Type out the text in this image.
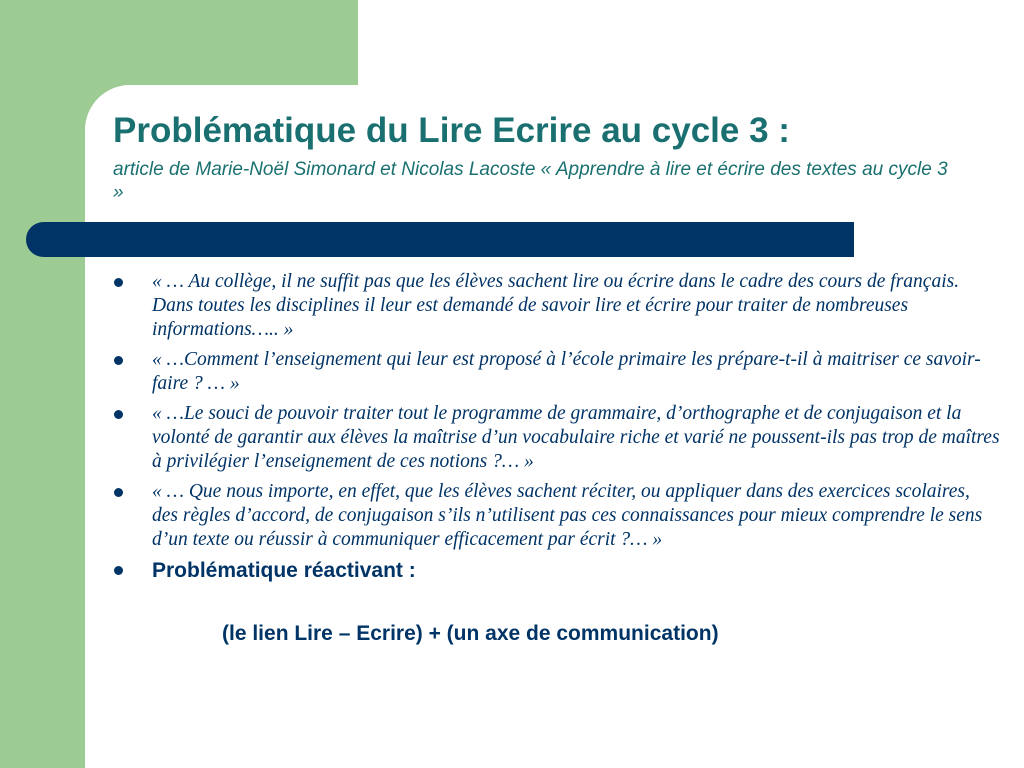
Problématique du Lire Ecrire au cycle 3 :

article de Marie-Noël Simonard et Nicolas Lacoste « Apprendre à lire et écrire des textes au cycle 3 »

« … Au collège, il ne suffit pas que les élèves sachent lire ou écrire dans le cadre des cours de français. Dans toutes les disciplines il leur est demandé de savoir lire et écrire pour traiter de nombreuses informations….. »
« …Comment l’enseignement qui leur est proposé à l’école primaire les prépare-t-il à maitriser ce savoir-faire ? … »
« …Le souci de pouvoir traiter tout le programme de grammaire, d’orthographe et de conjugaison et la volonté de garantir aux élèves la maîtrise d’un vocabulaire riche et varié ne poussent-ils pas trop de maîtres à privilégier l’enseignement de ces notions ?… »
« … Que nous importe, en effet, que les élèves sachent réciter, ou appliquer dans des exercices scolaires, des règles d’accord, de conjugaison s’ils n’utilisent pas ces connaissances pour mieux comprendre le sens d’un texte ou réussir à communiquer efficacement par écrit ?… »
Problématique réactivant :
(le lien Lire – Ecrire) + (un axe de communication)
